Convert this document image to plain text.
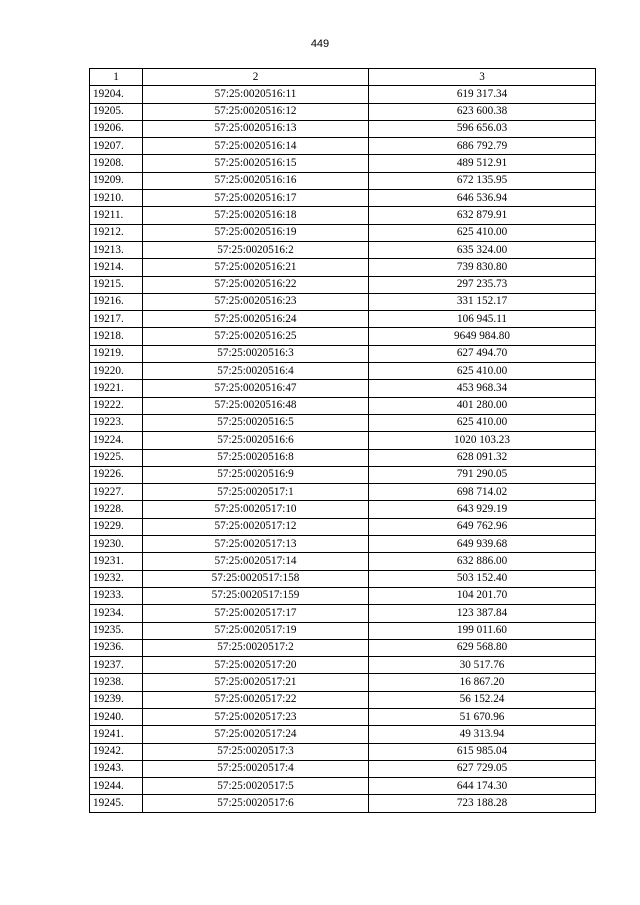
449
1	2	3
19204.	57:25:0020516:11	619 317.34
19205.	57:25:0020516:12	623 600.38
19206.	57:25:0020516:13	596 656.03
19207.	57:25:0020516:14	686 792.79
19208.	57:25:0020516:15	489 512.91
19209.	57:25:0020516:16	672 135.95
19210.	57:25:0020516:17	646 536.94
19211.	57:25:0020516:18	632 879.91
19212.	57:25:0020516:19	625 410.00
19213.	57:25:0020516:2	635 324.00
19214.	57:25:0020516:21	739 830.80
19215.	57:25:0020516:22	297 235.73
19216.	57:25:0020516:23	331 152.17
19217.	57:25:0020516:24	106 945.11
19218.	57:25:0020516:25	9649 984.80
19219.	57:25:0020516:3	627 494.70
19220.	57:25:0020516:4	625 410.00
19221.	57:25:0020516:47	453 968.34
19222.	57:25:0020516:48	401 280.00
19223.	57:25:0020516:5	625 410.00
19224.	57:25:0020516:6	1020 103.23
19225.	57:25:0020516:8	628 091.32
19226.	57:25:0020516:9	791 290.05
19227.	57:25:0020517:1	698 714.02
19228.	57:25:0020517:10	643 929.19
19229.	57:25:0020517:12	649 762.96
19230.	57:25:0020517:13	649 939.68
19231.	57:25:0020517:14	632 886.00
19232.	57:25:0020517:158	503 152.40
19233.	57:25:0020517:159	104 201.70
19234.	57:25:0020517:17	123 387.84
19235.	57:25:0020517:19	199 011.60
19236.	57:25:0020517:2	629 568.80
19237.	57:25:0020517:20	30 517.76
19238.	57:25:0020517:21	16 867.20
19239.	57:25:0020517:22	56 152.24
19240.	57:25:0020517:23	51 670.96
19241.	57:25:0020517:24	49 313.94
19242.	57:25:0020517:3	615 985.04
19243.	57:25:0020517:4	627 729.05
19244.	57:25:0020517:5	644 174.30
19245.	57:25:0020517:6	723 188.28
